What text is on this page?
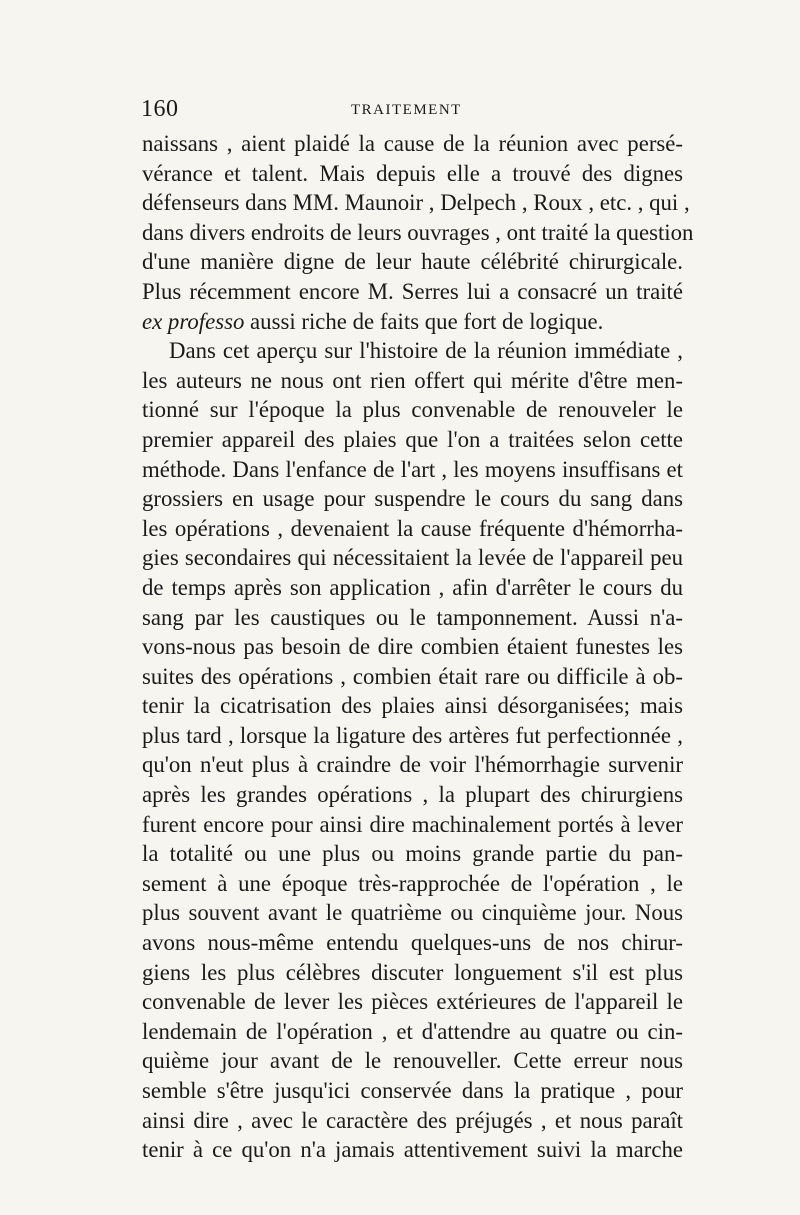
160	TRAITEMENT
naissans , aient plaidé la cause de la réunion avec persé-
vérance et talent. Mais depuis elle a trouvé des dignes
défenseurs dans MM. Maunoir , Delpech , Roux , etc. , qui ,
dans divers endroits de leurs ouvrages , ont traité la question
d'une manière digne de leur haute célébrité chirurgicale.
Plus récemment encore M. Serres lui a consacré un traité
ex professo aussi riche de faits que fort de logique.
Dans cet aperçu sur l'histoire de la réunion immédiate ,
les auteurs ne nous ont rien offert qui mérite d'être men-
tionné sur l'époque la plus convenable de renouveler le
premier appareil des plaies que l'on a traitées selon cette
méthode. Dans l'enfance de l'art , les moyens insuffisans et
grossiers en usage pour suspendre le cours du sang dans
les opérations , devenaient la cause fréquente d'hémorrha-
gies secondaires qui nécessitaient la levée de l'appareil peu
de temps après son application , afin d'arrêter le cours du
sang par les caustiques ou le tamponnement. Aussi n'a-
vons-nous pas besoin de dire combien étaient funestes les
suites des opérations , combien était rare ou difficile à ob-
tenir la cicatrisation des plaies ainsi désorganisées; mais
plus tard , lorsque la ligature des artères fut perfectionnée ,
qu'on n'eut plus à craindre de voir l'hémorrhagie survenir
après les grandes opérations , la plupart des chirurgiens
furent encore pour ainsi dire machinalement portés à lever
la totalité ou une plus ou moins grande partie du pan-
sement à une époque très-rapprochée de l'opération , le
plus souvent avant le quatrième ou cinquième jour. Nous
avons nous-même entendu quelques-uns de nos chirur-
giens les plus célèbres discuter longuement s'il est plus
convenable de lever les pièces extérieures de l'appareil le
lendemain de l'opération , et d'attendre au quatre ou cin-
quième jour avant de le renouveller. Cette erreur nous
semble s'être jusqu'ici conservée dans la pratique , pour
ainsi dire , avec le caractère des préjugés , et nous paraît
tenir à ce qu'on n'a jamais attentivement suivi la marche
